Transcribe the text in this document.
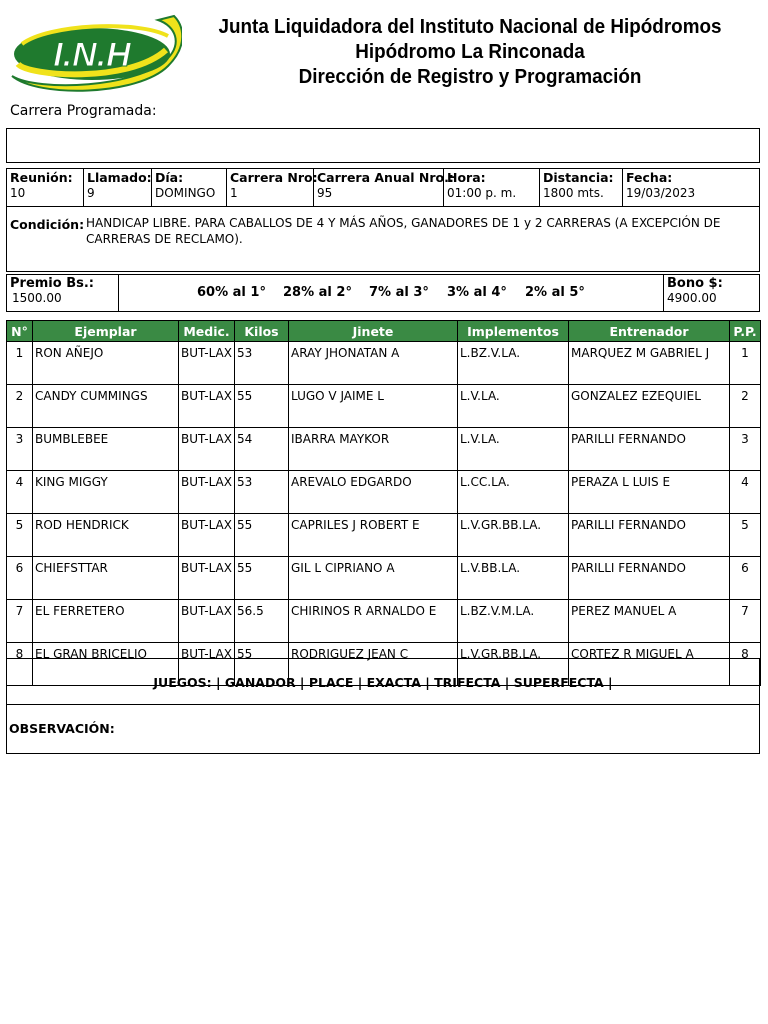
I.N.H
Junta Liquidadora del Instituto Nacional de Hipódromos
Hipódromo La Rinconada
Dirección de Registro y Programación
Carrera Programada:
Reunión:
10
Llamado:
9
Día:
DOMINGO
Carrera Nro:
1
Carrera Anual Nro.:
95
Hora:
01:00 p. m.
Distancia:
1800 mts.
Fecha:
19/03/2023
Condición: HANDICAP LIBRE. PARA CABALLOS DE 4 Y MÁS AÑOS, GANADORES DE 1 y 2 CARRERAS (A EXCEPCIÓN DE
CARRERAS DE RECLAMO).
Premio Bs.:
1500.00	60% al 1° 28% al 2° 7% al 3° 3% al 4° 2% al 5°
Bono $:
4900.00
N°	Ejemplar	Medic.	Kilos	Jinete	Implementos	Entrenador	P.P.
1	RON AÑEJO	BUT-LAX	53	ARAY JHONATAN A	L.BZ.V.LA.	MARQUEZ M GABRIEL J	1
2	CANDY CUMMINGS	BUT-LAX	55	LUGO V JAIME L	L.V.LA.	GONZALEZ EZEQUIEL	2
3	BUMBLEBEE	BUT-LAX	54	IBARRA MAYKOR	L.V.LA.	PARILLI FERNANDO	3
4	KING MIGGY	BUT-LAX	53	AREVALO EDGARDO	L.CC.LA.	PERAZA L LUIS E	4
5	ROD HENDRICK	BUT-LAX	55	CAPRILES J ROBERT E	L.V.GR.BB.LA.	PARILLI FERNANDO	5
6	CHIEFSTTAR	BUT-LAX	55	GIL L CIPRIANO A	L.V.BB.LA.	PARILLI FERNANDO	6
7	EL FERRETERO	BUT-LAX	56.5	CHIRINOS R ARNALDO E	L.BZ.V.M.LA.	PEREZ MANUEL A	7
8	EL GRAN BRICELIO	BUT-LAX	55	RODRIGUEZ JEAN C	L.V.GR.BB.LA.	CORTEZ R MIGUEL A	8
JUEGOS: | GANADOR | PLACE | EXACTA | TRIFECTA | SUPERFECTA |
OBSERVACIÓN:
